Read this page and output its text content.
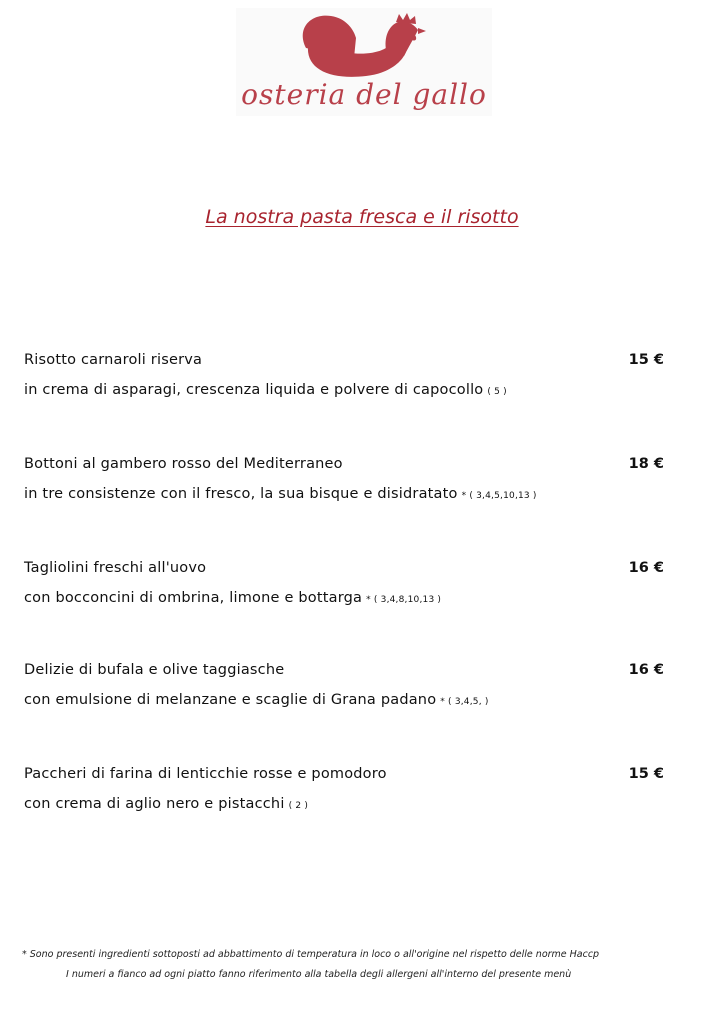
osteria del gallo
La nostra pasta fresca e il risotto
Risotto carnaroli riserva	15 €
in crema di asparagi, crescenza liquida e polvere di capocollo ( 5 )
Bottoni al gambero rosso del Mediterraneo	18 €
in tre consistenze con il fresco, la sua bisque e disidratato * ( 3,4,5,10,13 )
Tagliolini freschi all'uovo	16 €
con bocconcini di ombrina, limone e bottarga * ( 3,4,8,10,13 )
Delizie di bufala e olive taggiasche	16 €
con emulsione di melanzane e scaglie di Grana padano * ( 3,4,5, )
Paccheri di farina di lenticchie rosse e pomodoro	15 €
con crema di aglio nero e pistacchi ( 2 )
* Sono presenti ingredienti sottoposti ad abbattimento di temperatura in loco o all'origine nel rispetto delle norme Haccp
I numeri a fianco ad ogni piatto fanno riferimento alla tabella degli allergeni all'interno del presente menù
